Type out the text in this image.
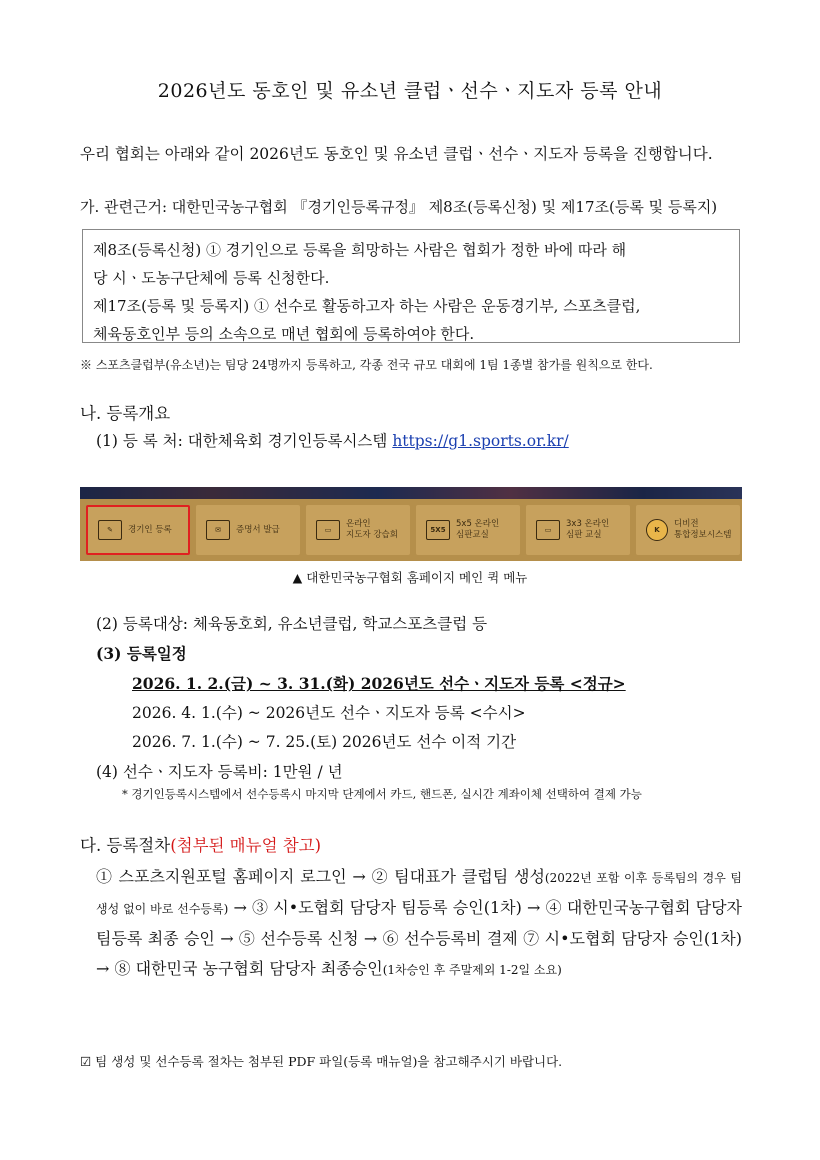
2026년도 동호인 및 유소년 클럽ㆍ선수ㆍ지도자 등록 안내
우리 협회는 아래와 같이 2026년도 동호인 및 유소년 클럽ㆍ선수ㆍ지도자 등록을 진행합니다.
가. 관련근거: 대한민국농구협회 『경기인등록규정』 제8조(등록신청) 및 제17조(등록 및 등록지)
제8조(등록신청) ① 경기인으로 등록을 희망하는 사람은 협회가 정한 바에 따라 해
당 시ㆍ도농구단체에 등록 신청한다.
제17조(등록 및 등록지) ① 선수로 활동하고자 하는 사람은 운동경기부, 스포츠클럽,
체육동호인부 등의 소속으로 매년 협회에 등록하여야 한다.
※ 스포츠클럽부(유소년)는 팀당 24명까지 등록하고, 각종 전국 규모 대회에 1팀 1종별 참가를 원칙으로 한다.
나. 등록개요
(1) 등 록 처: 대한체육회 경기인등록시스템 https://g1.sports.or.kr/
✎	경기인 등록	✉	증명서 발급	▭
온라인
지도자 강습회	5X5
5x5 온라인
심판교실	▭
3x3 온라인
심판 교실	K
디비전
통합정보시스템
▲ 대한민국농구협회 홈페이지 메인 퀵 메뉴
(2) 등록대상: 체육동호회, 유소년클럽, 학교스포츠클럽 등
(3) 등록일정
2026. 1. 2.(금) ~ 3. 31.(화) 2026년도 선수ㆍ지도자 등록 <정규>
2026. 4. 1.(수) ~ 2026년도 선수ㆍ지도자 등록 <수시>
2026. 7. 1.(수) ~ 7. 25.(토) 2026년도 선수 이적 기간
(4) 선수ㆍ지도자 등록비: 1만원 / 년
* 경기인등록시스템에서 선수등록시 마지막 단계에서 카드, 핸드폰, 실시간 계좌이체 선택하여 결제 가능
다. 등록절차(첨부된 매뉴얼 참고)
① 스포츠지원포털 홈페이지 로그인 → ② 팀대표가 클럽팀 생성(2022년 포함 이후 등록팀의 경우 팀 생성 없이 바로 선수등록) → ③ 시•도협회 담당자 팀등록 승인(1차) → ④ 대한민국농구협회 담당자 팀등록 최종 승인 → ⑤ 선수등록 신청 → ⑥ 선수등록비 결제 ⑦ 시•도협회 담당자 승인(1차) → ⑧ 대한민국 농구협회 담당자 최종승인(1차승인 후 주말제외 1-2일 소요)
☑ 팀 생성 및 선수등록 절차는 첨부된 PDF 파일(등록 매뉴얼)을 참고해주시기 바랍니다.
